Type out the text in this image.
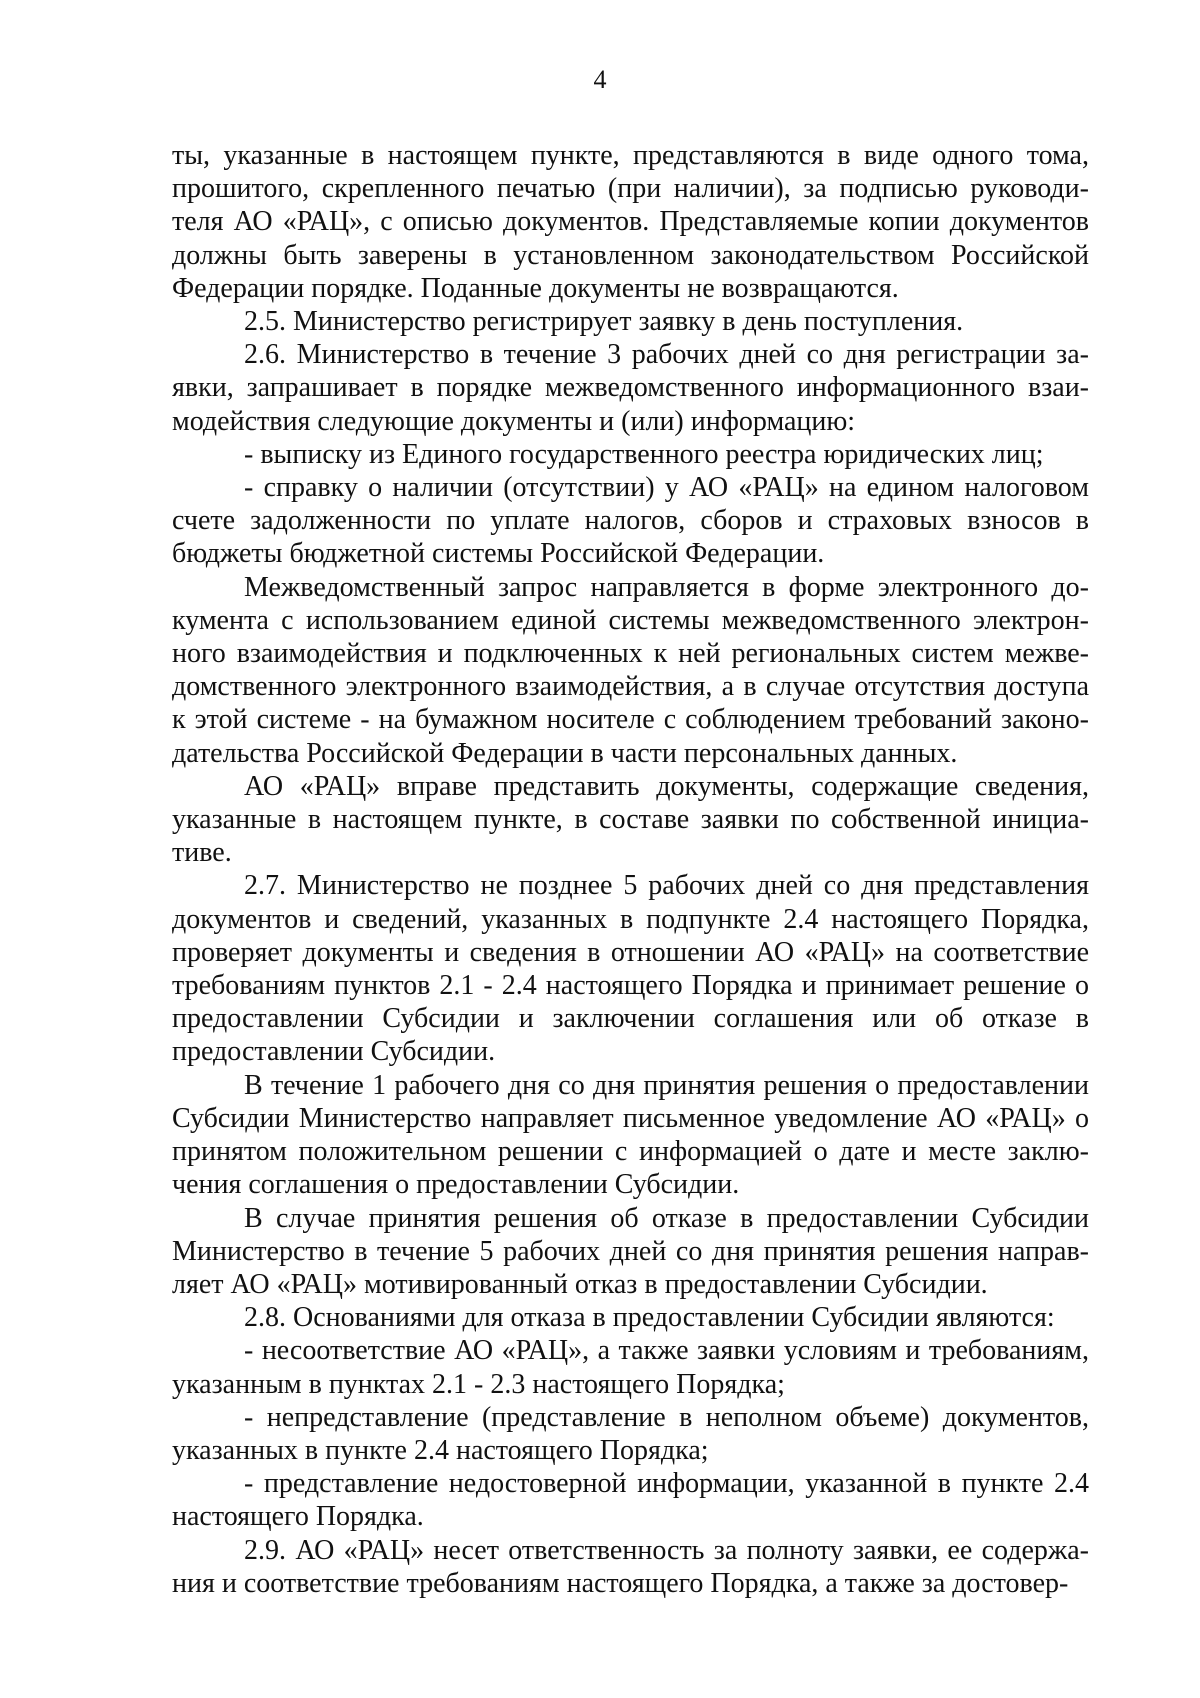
4

ты, указанные в настоящем пункте, представляются в виде одного тома, прошитого, скрепленного печатью (при наличии), за подписью руководителя АО «РАЦ», с описью документов. Представляемые копии документов должны быть заверены в установленном законодательством Российской Федерации порядке. Поданные документы не возвращаются.

2.5. Министерство регистрирует заявку в день поступления.

2.6. Министерство в течение 3 рабочих дней со дня регистрации заявки, запрашивает в порядке межведомственного информационного взаимодействия следующие документы и (или) информацию:

- выписку из Единого государственного реестра юридических лиц;

- справку о наличии (отсутствии) у АО «РАЦ» на едином налоговом счете задолженности по уплате налогов, сборов и страховых взносов в бюджеты бюджетной системы Российской Федерации.

Межведомственный запрос направляется в форме электронного документа с использованием единой системы межведомственного электронного взаимодействия и подключенных к ней региональных систем межведомственного электронного взаимодействия, а в случае отсутствия доступа к этой системе - на бумажном носителе с соблюдением требований законодательства Российской Федерации в части персональных данных.

АО «РАЦ» вправе представить документы, содержащие сведения, указанные в настоящем пункте, в составе заявки по собственной инициативе.

2.7. Министерство не позднее 5 рабочих дней со дня представления документов и сведений, указанных в подпункте 2.4 настоящего Порядка, проверяет документы и сведения в отношении АО «РАЦ» на соответствие требованиям пунктов 2.1 - 2.4 настоящего Порядка и принимает решение о предоставлении Субсидии и заключении соглашения или об отказе в предоставлении Субсидии.

В течение 1 рабочего дня со дня принятия решения о предоставлении Субсидии Министерство направляет письменное уведомление АО «РАЦ» о принятом положительном решении с информацией о дате и месте заключения соглашения о предоставлении Субсидии.

В случае принятия решения об отказе в предоставлении Субсидии Министерство в течение 5 рабочих дней со дня принятия решения направляет АО «РАЦ» мотивированный отказ в предоставлении Субсидии.

2.8. Основаниями для отказа в предоставлении Субсидии являются:

- несоответствие АО «РАЦ», а также заявки условиям и требованиям, указанным в пунктах 2.1 - 2.3 настоящего Порядка;

- непредставление (представление в неполном объеме) документов, указанных в пункте 2.4 настоящего Порядка;

- представление недостоверной информации, указанной в пункте 2.4 настоящего Порядка.

2.9. АО «РАЦ» несет ответственность за полноту заявки, ее содержания и соответствие требованиям настоящего Порядка, а также за достовер-
